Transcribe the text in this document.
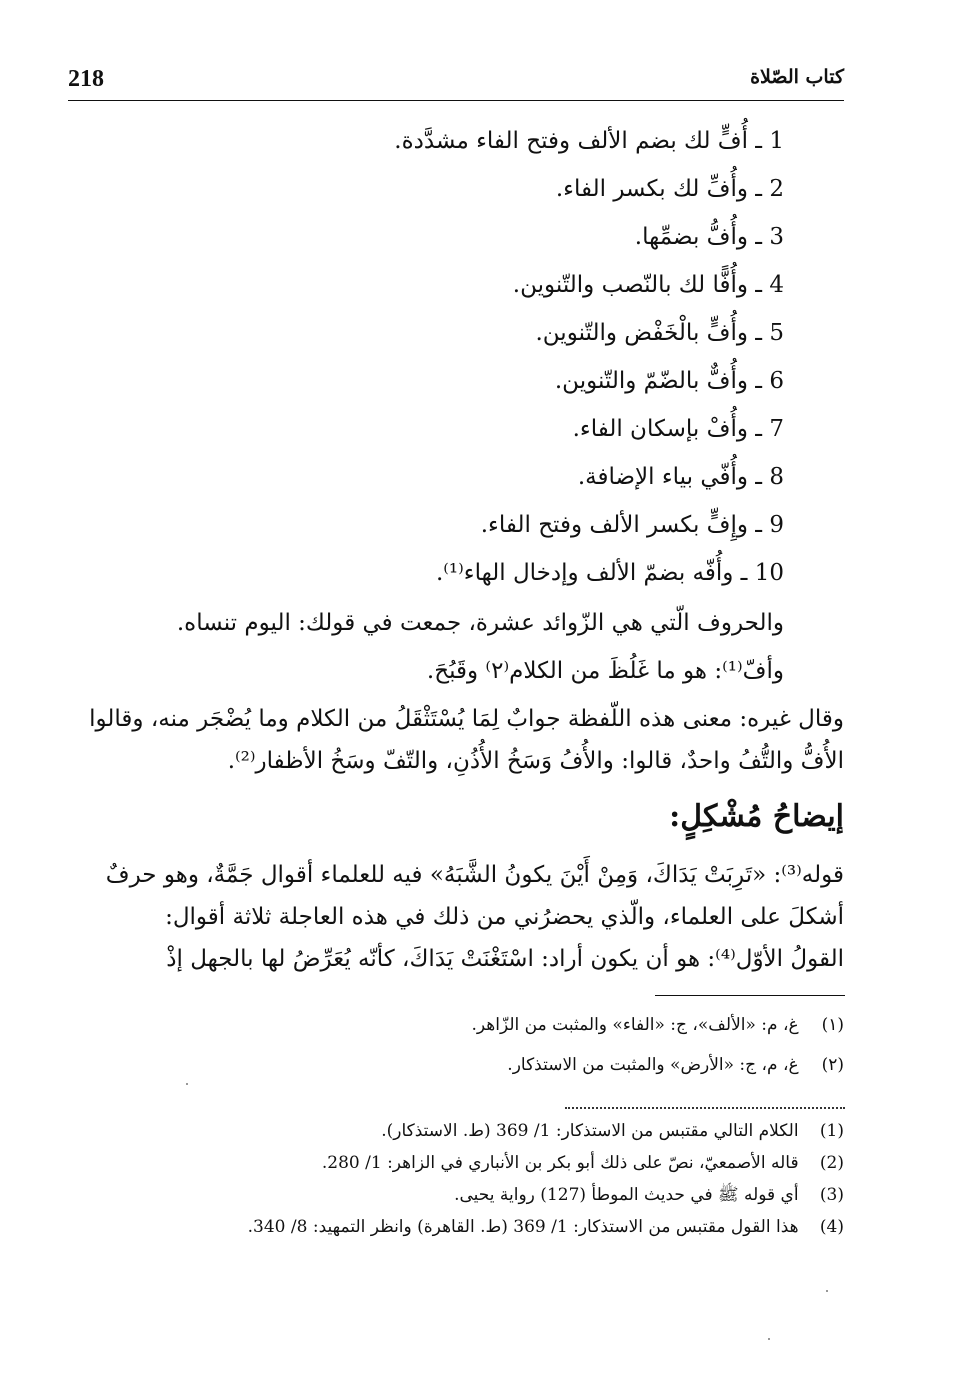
218	كتاب الصّلاة
1 ـ أُفٍّ لك بضم الألف وفتح الفاء مشدَّدة.
2 ـ وأُفِّ لك بكسر الفاء.
3 ـ وأُفُّ بضمِّها.
4 ـ وأُفًّا لك بالنّصب والتّنوين.
5 ـ وأُفٍّ بالْخَفْض والتّنوين.
6 ـ وأُفٌّ بالضّمّ والتّنوين.
7 ـ وأُفْ بإسكان الفاء.
8 ـ وأُفّي بياء الإضافة.
9 ـ وإِفٍّ بكسر الألف وفتح الفاء.
10 ـ وأُفّه بضمّ الألف وإدخال الهاء⁽¹⁾.
والحروف الّتي هي الزّوائد عشرة، جمعت في قولك: اليوم تنساه.
وأفّ⁽¹⁾: هو ما غَلُظَ من الكلام⁽٢⁾ وقَبُحَ.
وقال غيره: معنى هذه اللّفظة جوابٌ لِمَا يُسْتَثْقَلُ من الكلام وما يُضْجَر منه، وقالوا
الأُفُّ والتُّفُ واحدٌ، قالوا: والأُفُ وَسَخُ الأُذُنِ، والتّفّ وسَخُ الأظفار⁽²⁾.
إيضاحُ مُشْكِلٍ:
قوله⁽³⁾: «تَرِبَتْ يَدَاكَ، وَمِنْ أَيْنَ يكونُ الشَّبَهُ» فيه للعلماء أقوال جَمَّةٌ، وهو حرفٌ
أشكلَ على العلماء، والّذي يحضرُني من ذلك في هذه العاجلة ثلاثة أقوال:
القولُ الأوّل⁽⁴⁾: هو أن يكون أراد: اسْتَغْنَتْ يَدَاكَ، كأنّه يُعَرِّضُ لها بالجهل إذْ
(١) غ، م: «الألف»، ج: «الفاء» والمثبت من الزّاهر.
(٢) غ، م، ج: «الأرض» والمثبت من الاستذكار.
(1) الكلام التالي مقتبس من الاستذكار: 1/ 369 (ط. الاستذكار).
(2) قاله الأصمعيّ، نصّ على ذلك أبو بكر بن الأنباري في الزاهر: 1/ 280.
(3) أي قوله ﷺ في حديث الموطأ (127) رواية يحيى.
(4) هذا القول مقتبس من الاستذكار: 1/ 369 (ط. القاهرة) وانظر التمهيد: 8/ 340.
